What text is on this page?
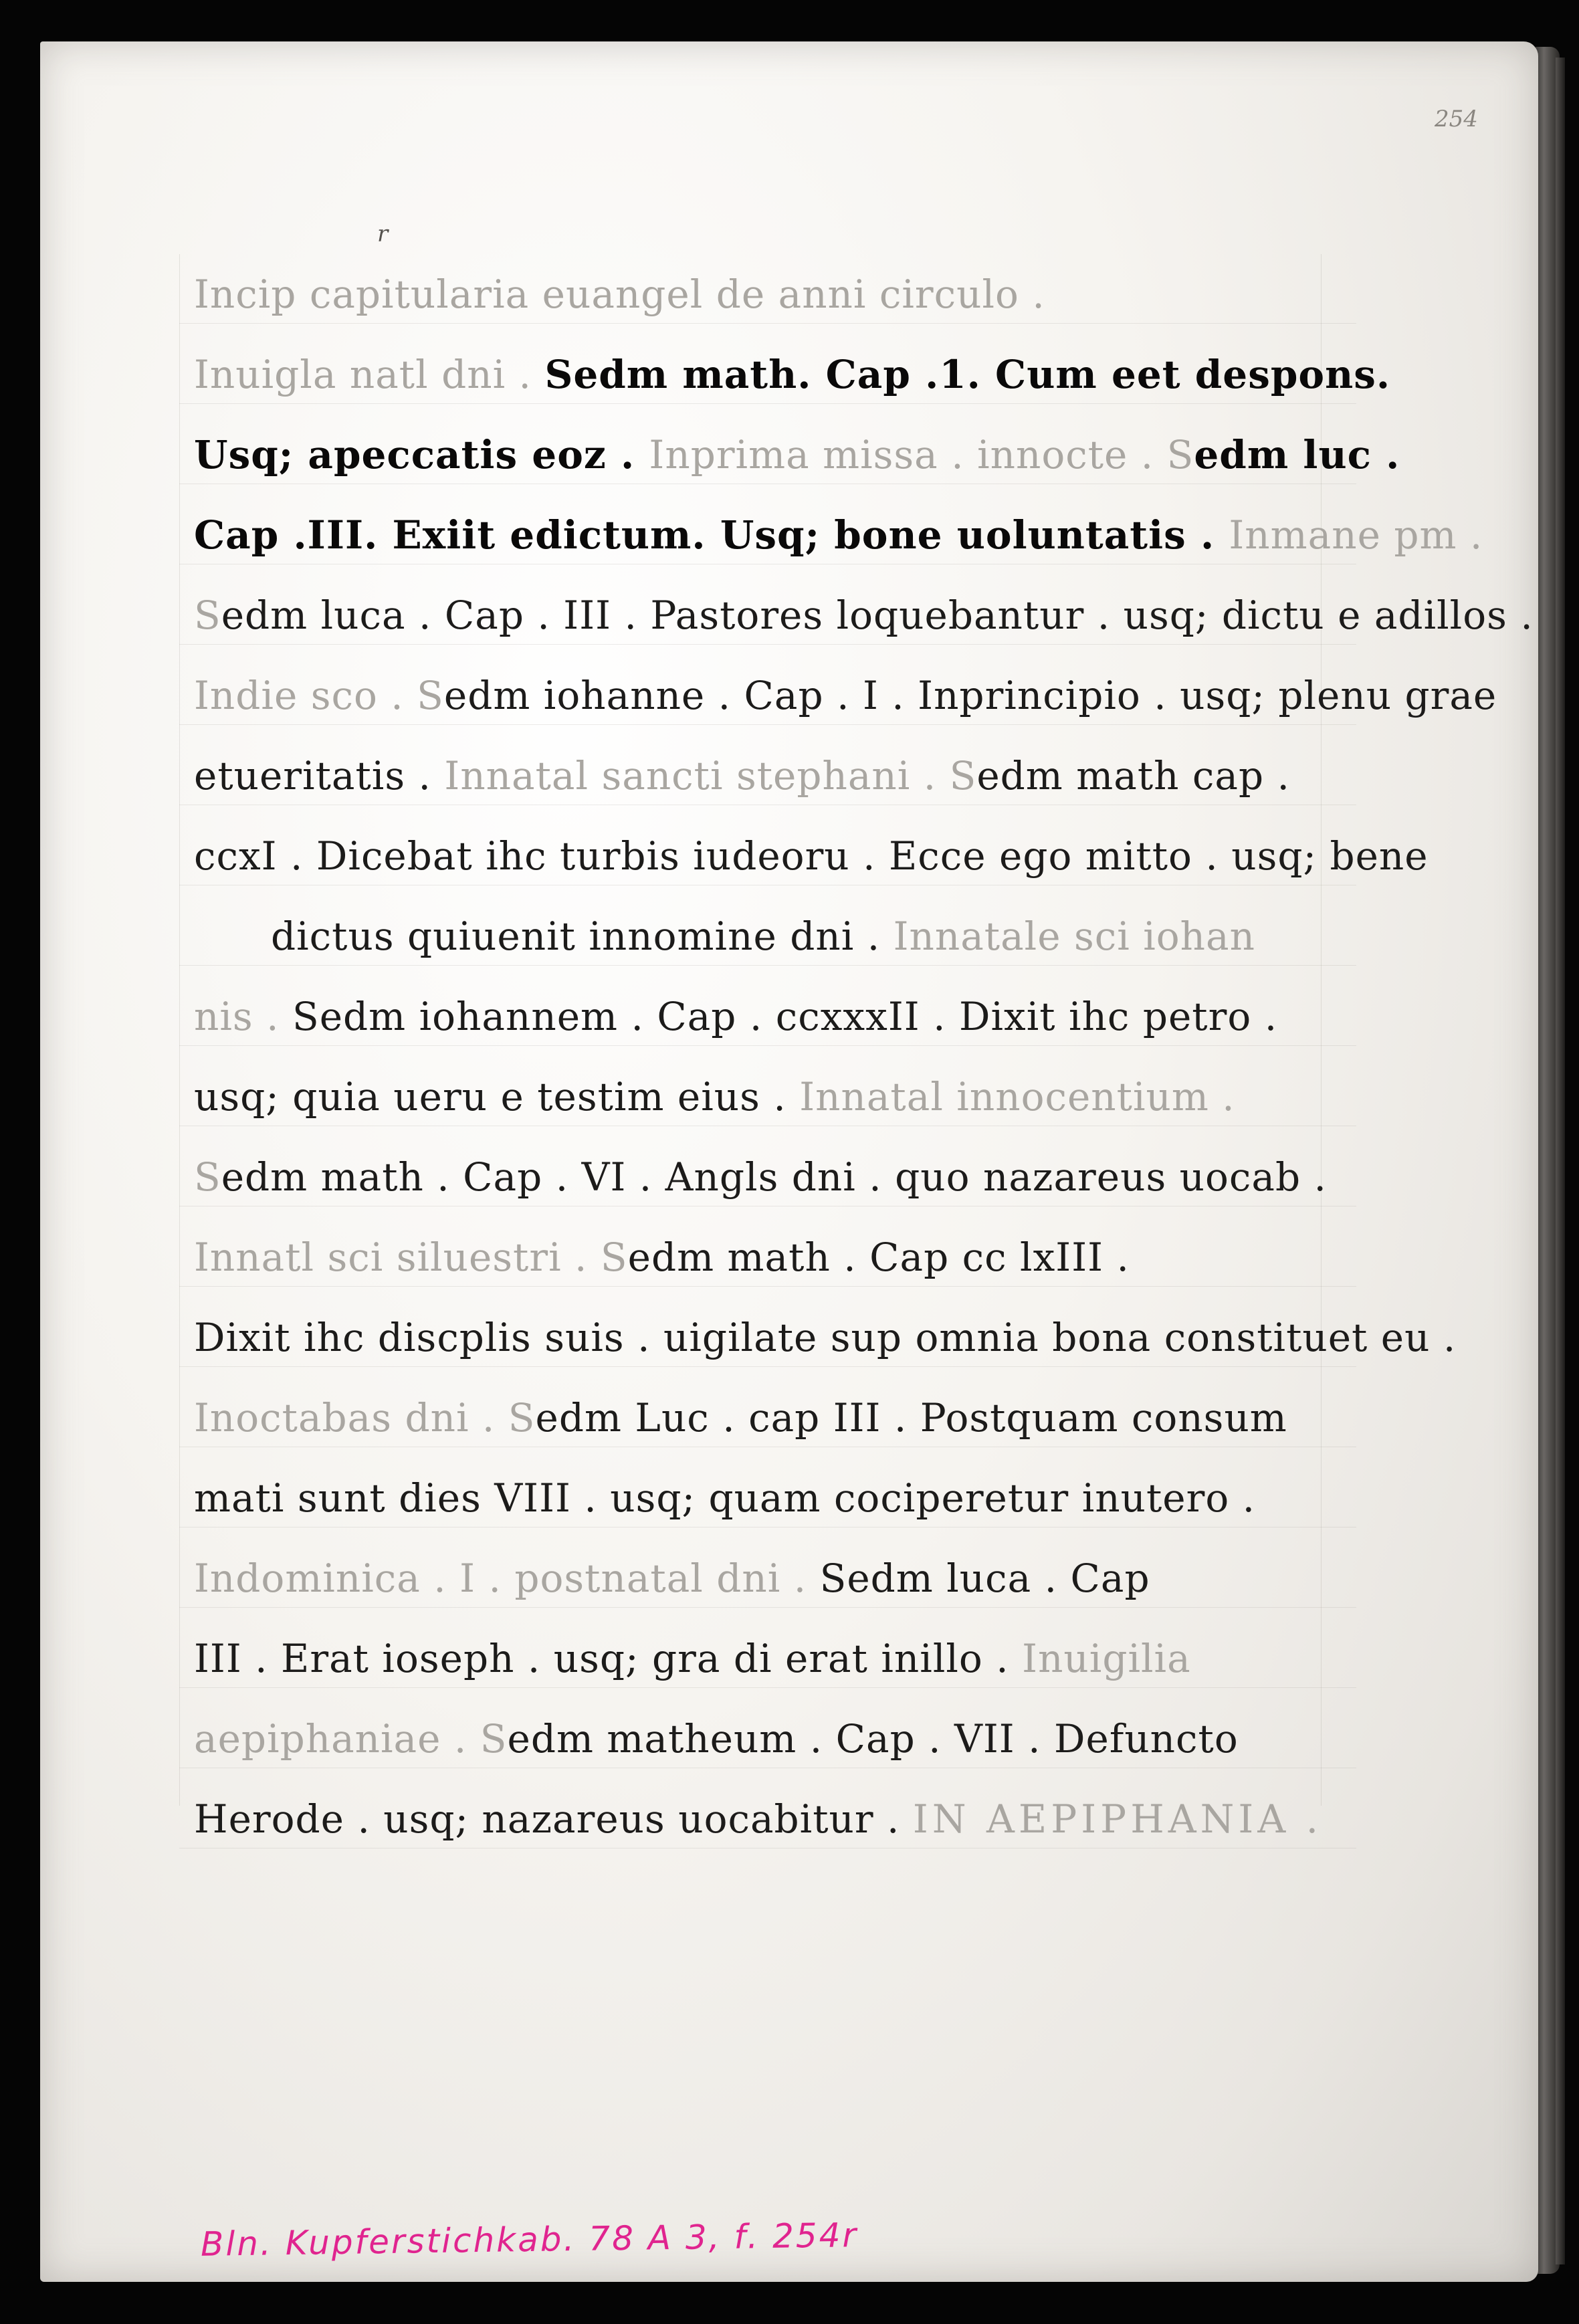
254
r
Incip capitularia euangel de anni circulo .
Inuigla natl dni . Sedm math. Cap .1. Cum eet despons.
Usq; apeccatis eoz . Inprima missa . innocte . Sedm luc .
Cap .III. Exiit edictum. Usq; bone uoluntatis . Inmane pm .
Sedm luca . Cap . III . Pastores loquebantur . usq; dictu e adillos .
Indie sco . Sedm iohanne . Cap . I . Inprincipio . usq; plenu grae
etueritatis . Innatal sancti stephani . Sedm math cap .
ccxI . Dicebat ihc turbis iudeoru . Ecce ego mitto . usq; bene
dictus quiuenit innomine dni . Innatale sci iohan
nis . Sedm iohannem . Cap . ccxxxII . Dixit ihc petro .
usq; quia ueru e testim eius . Innatal innocentium .
Sedm math . Cap . VI . Angls dni . quo nazareus uocab .
Innatl sci siluestri . Sedm math . Cap cc lxIII .
Dixit ihc discplis suis . uigilate sup omnia bona constituet eu .
Inoctabas dni . Sedm Luc . cap III . Postquam consum
mati sunt dies VIII . usq; quam cociperetur inutero .
Indominica . I . postnatal dni . Sedm luca . Cap
III . Erat ioseph . usq; gra di erat inillo . Inuigilia
aepiphaniae . Sedm matheum . Cap . VII . Defuncto
Herode . usq; nazareus uocabitur . IN AEPIPHANIA .
Bln. Kupferstichkab. 78 A 3, f. 254r
